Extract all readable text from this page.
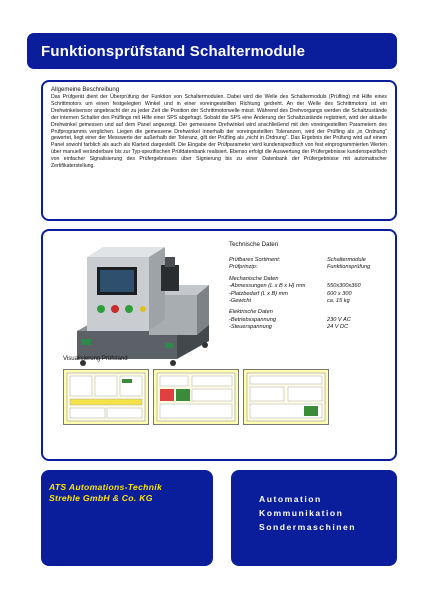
Funktionsprüfstand Schaltermodule
Allgemeine Beschreibung
Das Prüfgerät dient der Überprüfung der Funktion von Schaltermodulen. Dabei wird die Welle des Schaltermoduls (Prüfling) mit Hilfe eines Schrittmotors um einen festgelegten Winkel und in einer voreingestellten Richtung gedreht. An der Welle des Schrittmotors ist ein Drehwinkelsensor angebracht der zu jeder Zeit die Position der Schrittmotorwelle misst. Während des Drehvorgangs werden die Schaltzustände der internen Schalter des Prüflings mit Hilfe einer SPS abgefragt. Sobald die SPS eine Änderung der Schaltzustände registriert, wird der aktuelle Drehwinkel gemessen und auf dem Panel angezeigt. Der gemessene Drehwinkel wird anschließend mit den voreingestellten Parametern des Prüfprogramms verglichen. Liegen die gemessene Drehwinkel innerhalb der voreingestellten Toleranzen, wird der Prüfling als „in Ordnung“ gewertet, liegt einer der Messwerte der außerhalb der Toleranz, gilt der Prüfling als „nicht in Ordnung“. Das Ergebnis der Prüfung wird auf einem Panel sowohl farblich als auch als Klartext dargestellt. Die Eingabe der Prüfparameter wird kundenspezifisch von fest einprogrammierten Werten über manuell veränderbare bis zur Typ-spezifischen Prüfdatenbank realisiert. Ebenso erfolgt die Auswertung der Prüfergebnisse kundenspezifisch von einfacher Signalisierung des Prüfergebnisses über Signierung bis zu einer Datenbank der Prüfergebnisse mit automatischer Zertifikaterstellung.
Technische Daten
Prüfbares Sortiment:	Schaltermodule
Prüfprinzip:	Funktionsprüfung
Mechanische Daten
-Abmessungen (L x B x H) mm	550x300x360
-Platzbedarf (L x B) mm	600 x 300
-Gewicht	ca. 15 kg
Elektrische Daten
-Betriebsspannung	230 V AC
-Steuerspannung	24 V DC
Visualisierung Prüfstand
ATS Automations-Technik
Strehle GmbH & Co. KG	Automation
Kommunikation
Sondermaschinen
